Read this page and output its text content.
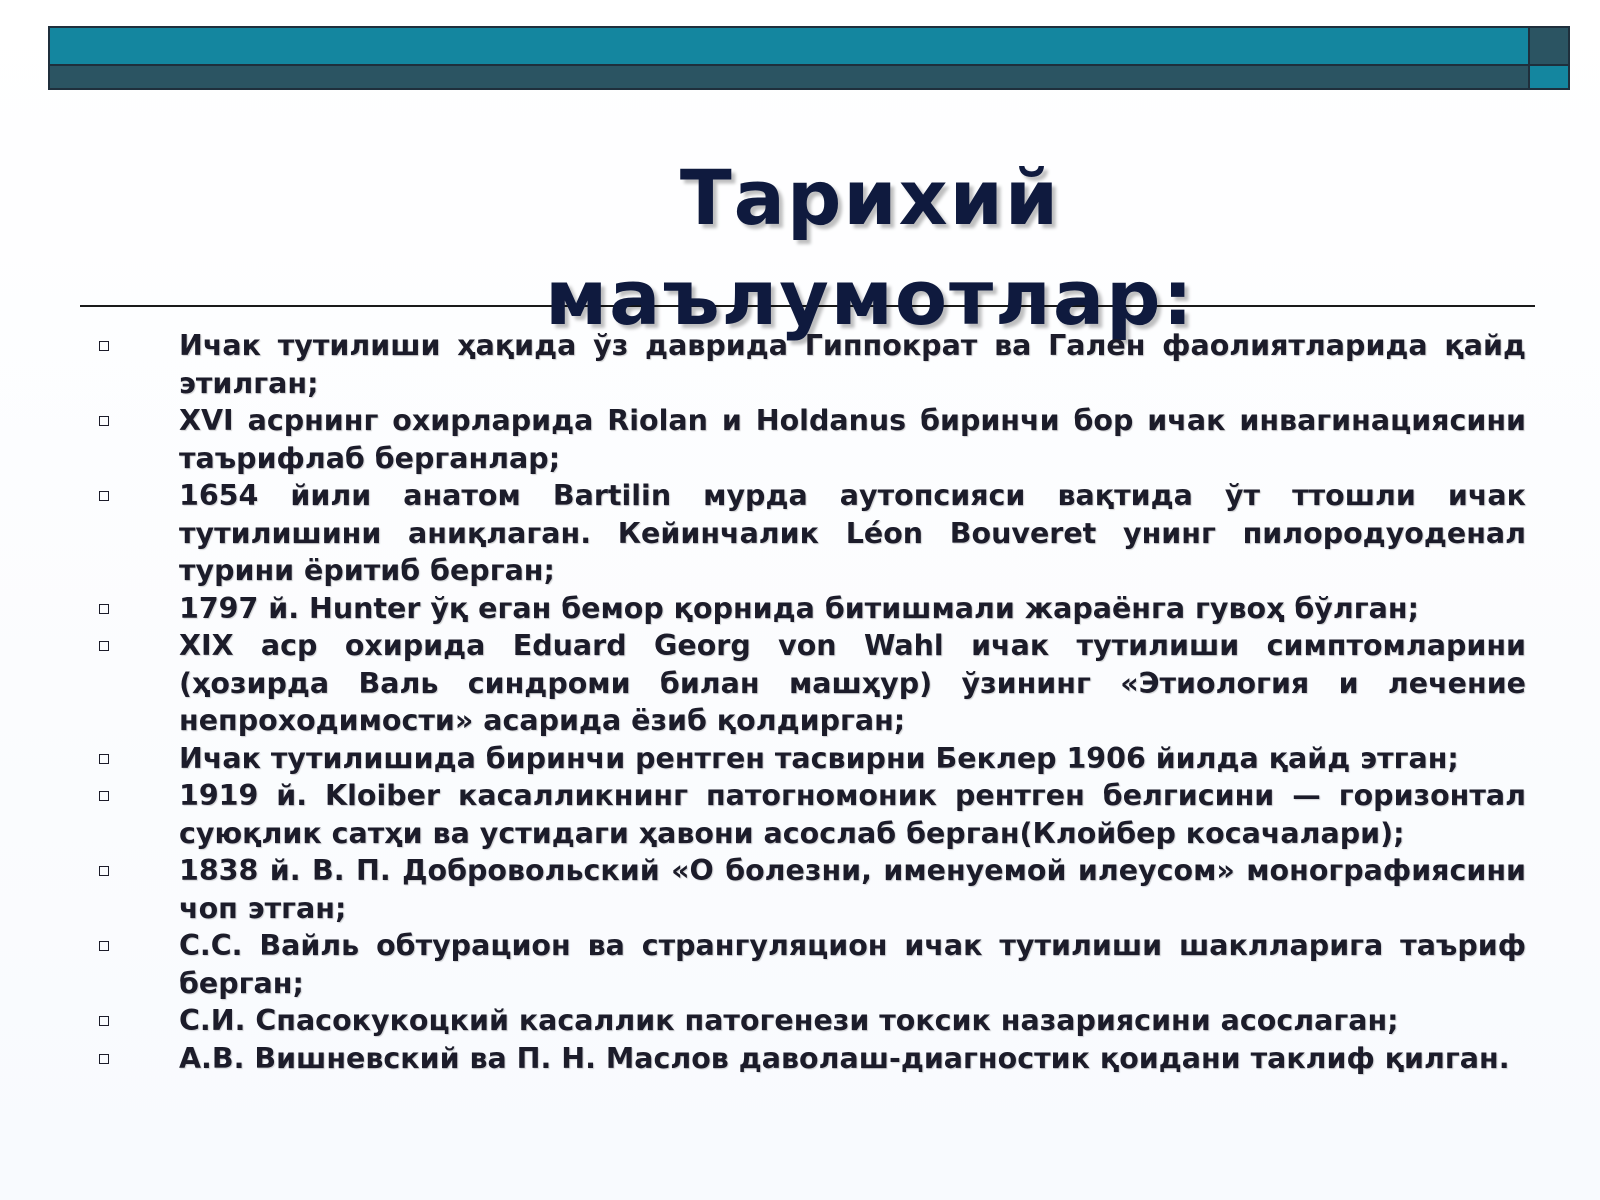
Тарихий
маълумотлар:
Ичак тутилиши ҳақида ўз даврида Гиппократ ва Гален фаолиятларида қайд этилган;
XVI асрнинг охирларида Riolan и Holdanus биринчи бор ичак инвагинациясини таърифлаб берганлар;
1654 йили анатом Bartilin мурда аутопсияси вақтида ўт ттошли ичак тутилишини аниқлаган. Кейинчалик Léon Bouveret унинг пилородуоденал турини ёритиб берган;
1797 й. Hunter ўқ еган бемор қорнида битишмали жараёнга гувоҳ бўлган;
XIX аср охирида Eduard Georg von Wahl ичак тутилиши симптомларини (ҳозирда Валь синдроми билан машҳур) ўзининг «Этиология и лечение непроходимости» асарида ёзиб қолдирган;
Ичак тутилишида биринчи рентген тасвирни Беклер 1906 йилда қайд этган;
1919 й. Kloiber касалликнинг патогномоник рентген белгисини — горизонтал суюқлик сатҳи ва устидаги ҳавони асослаб берган(Клойбер косачалари);
1838 й. В. П. Добровольский «О болезни, именуемой илеусом» монографиясини чоп этган;
С.С. Вайль обтурацион ва странгуляцион ичак тутилиши шаклларига таъриф берган;
С.И. Спасокукоцкий касаллик патогенези токсик назариясини асослаган;
А.В. Вишневский ва П. Н. Маслов даволаш-диагностик қоидани таклиф қилган.
